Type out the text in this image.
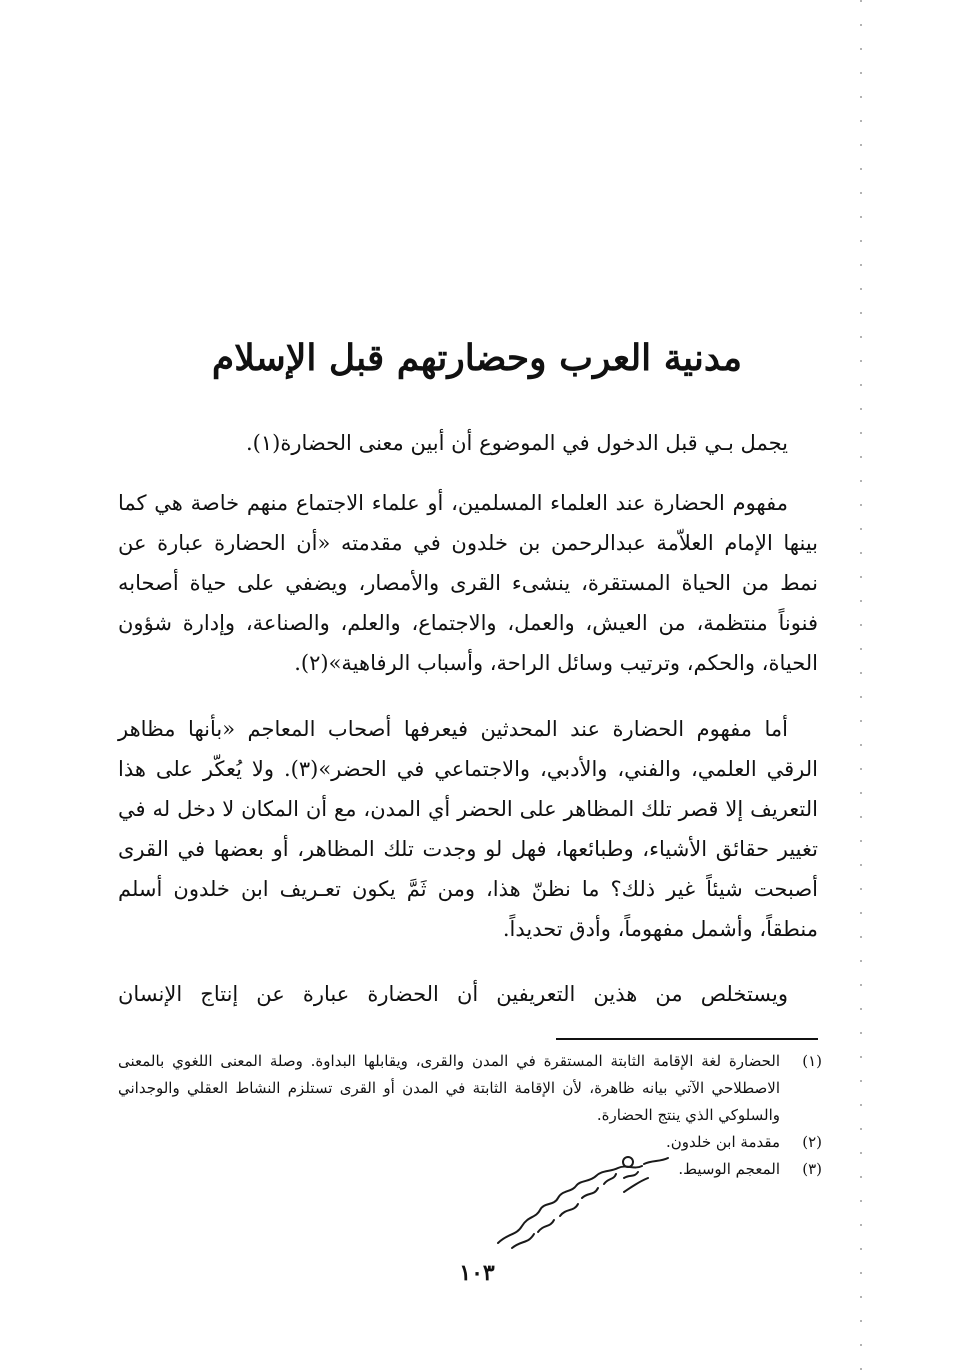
مدنية العرب وحضارتهم قبل الإسلام

يجمل بـي قبل الدخول في الموضوع أن أبين معنى الحضارة(١).

مفهوم الحضارة عند العلماء المسلمين، أو علماء الاجتماع منهم خاصة هي كما بينها الإمام العلاّمة عبدالرحمن بن خلدون في مقدمته «أن الحضارة عبارة عن نمط من الحياة المستقرة، ينشىء القرى والأمصار، ويضفي على حياة أصحابه فنوناً منتظمة، من العيش، والعمل، والاجتماع، والعلم، والصناعة، وإدارة شؤون الحياة، والحكم، وترتيب وسائل الراحة، وأسباب الرفاهية»(٢).

أما مفهوم الحضارة عند المحدثين فيعرفها أصحاب المعاجم «بأنها مظاهر الرقي العلمي، والفني، والأدبي، والاجتماعي في الحضر»(٣). ولا يُعكّر على هذا التعريف إلا قصر تلك المظاهر على الحضر أي المدن، مع أن المكان لا دخل له في تغيير حقائق الأشياء، وطبائعها، فهل لو وجدت تلك المظاهر، أو بعضها في القرى أصبحت شيئاً غير ذلك؟ ما نظنّ هذا، ومن ثَمَّ يكون تعـريف ابن خلدون أسلم منطقاً، وأشمل مفهوماً، وأدق تحديداً.

ويستخلص من هذين التعريفين أن الحضارة عبارة عن إنتاج الإنسان

(١)
الحضارة لغة الإقامة الثابتة المستقرة في المدن والقرى، ويقابلها البداوة. وصلة المعنى اللغوي بالمعنى الاصطلاحي الآتي بيانه ظاهرة، لأن الإقامة الثابتة في المدن أو القرى تستلزم النشاط العقلي والوجداني والسلوكي الذي ينتج الحضارة.
(٢)
مقدمة ابن خلدون.
(٣)
المعجم الوسيط.
١٠٣
